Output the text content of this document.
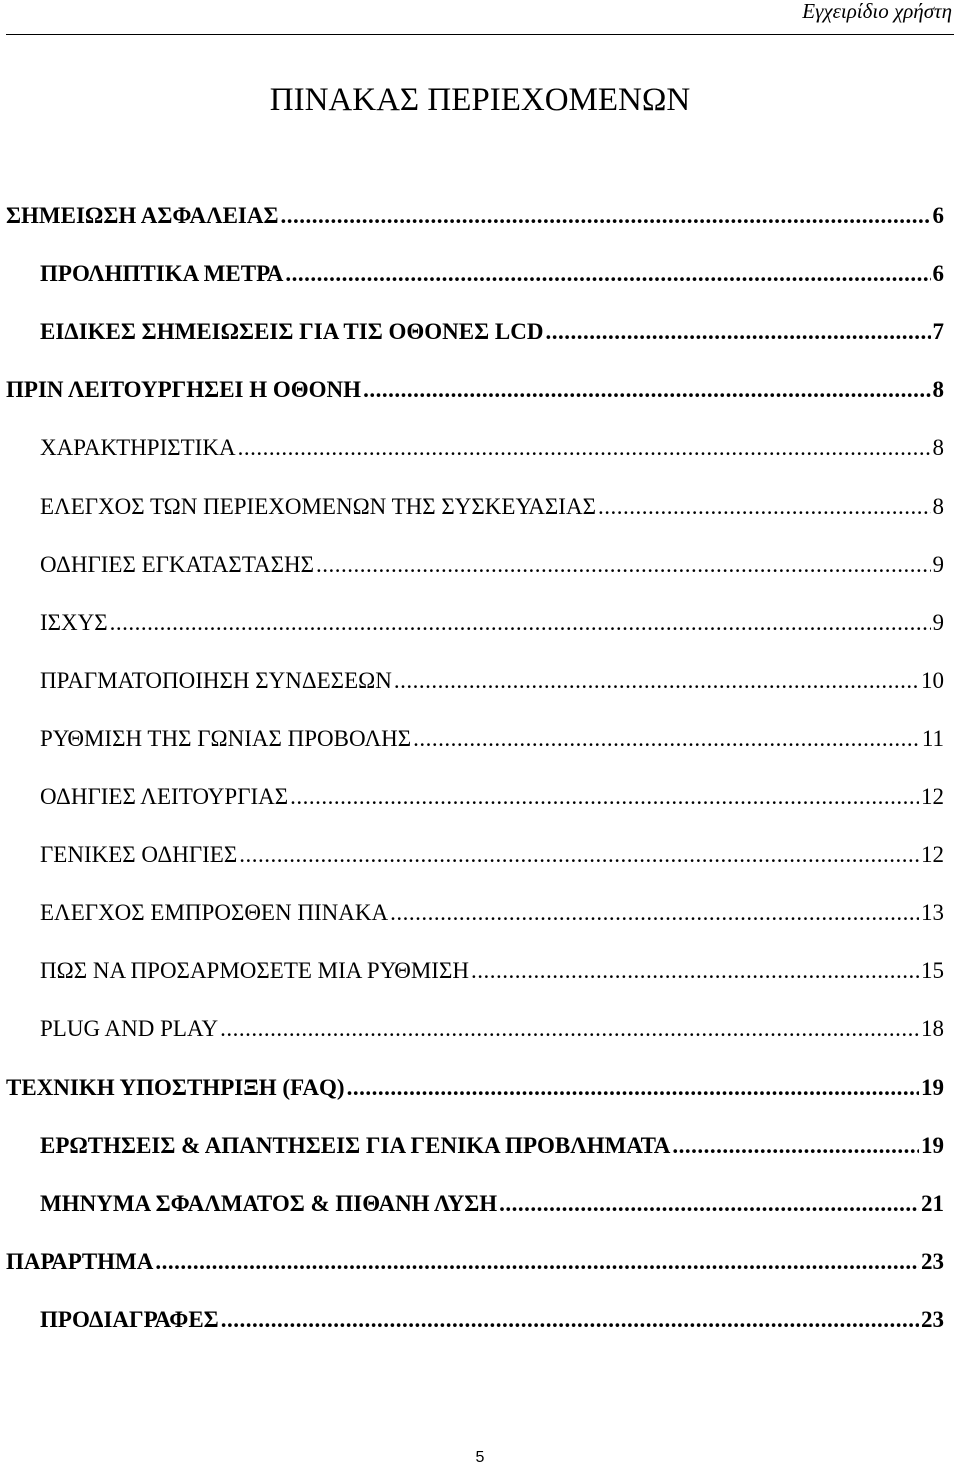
Εγχειρίδιο χρήστη
ΠΙΝΑΚΑΣ ΠΕΡΙΕΧΟΜΕΝΩΝ
ΣΗΜΕΙΩΣΗ ΑΣΦΑΛΕΙΑΣ .....	6
ΠΡΟΛΗΠΤΙΚΑ ΜΕΤΡΑ .....	6
ΕΙΔΙΚΕΣ ΣΗΜΕΙΩΣΕΙΣ ΓΙΑ ΤΙΣ ΟΘΟΝΕΣ LCD .....	7
ΠΡΙΝ ΛΕΙΤΟΥΡΓΗΣΕΙ Η ΟΘΟΝΗ .....	8
ΧΑΡΑΚΤΗΡΙΣΤΙΚΑ .....	8
ΕΛΕΓΧΟΣ ΤΩΝ ΠΕΡΙΕΧΟΜΕΝΩΝ ΤΗΣ ΣΥΣΚΕΥΑΣΙΑΣ .....	8
ΟΔΗΓΙΕΣ ΕΓΚΑΤΑΣΤΑΣΗΣ .....	9
ΙΣΧΥΣ .....	9
ΠΡΑΓΜΑΤΟΠΟΙΗΣΗ ΣΥΝΔΕΣΕΩΝ .....	10
ΡΥΘΜΙΣΗ ΤΗΣ ΓΩΝΙΑΣ ΠΡΟΒΟΛΗΣ .....	11
ΟΔΗΓΙΕΣ ΛΕΙΤΟΥΡΓΙΑΣ .....	12
ΓΕΝΙΚΕΣ ΟΔΗΓΙΕΣ .....	12
ΕΛΕΓΧΟΣ ΕΜΠΡΟΣΘΕΝ ΠΙΝΑΚΑ .....	13
ΠΩΣ ΝΑ ΠΡΟΣΑΡΜΟΣΕΤΕ ΜΙΑ ΡΥΘΜΙΣΗ .....	15
PLUG AND PLAY .....	18
ΤΕΧΝΙΚΗ ΥΠΟΣΤΗΡΙΞΗ (FAQ) .....	19
ΕΡΩΤΗΣΕΙΣ & ΑΠΑΝΤΗΣΕΙΣ ΓΙΑ ΓΕΝΙΚΑ ΠΡΟΒΛΗΜΑΤΑ .....	19
ΜΗΝΥΜΑ ΣΦΑΛΜΑΤΟΣ & ΠΙΘΑΝΗ ΛΥΣΗ .....	21
ΠΑΡΑΡΤΗΜΑ .....	23
ΠΡΟΔΙΑΓΡΑΦΕΣ .....	23
5
